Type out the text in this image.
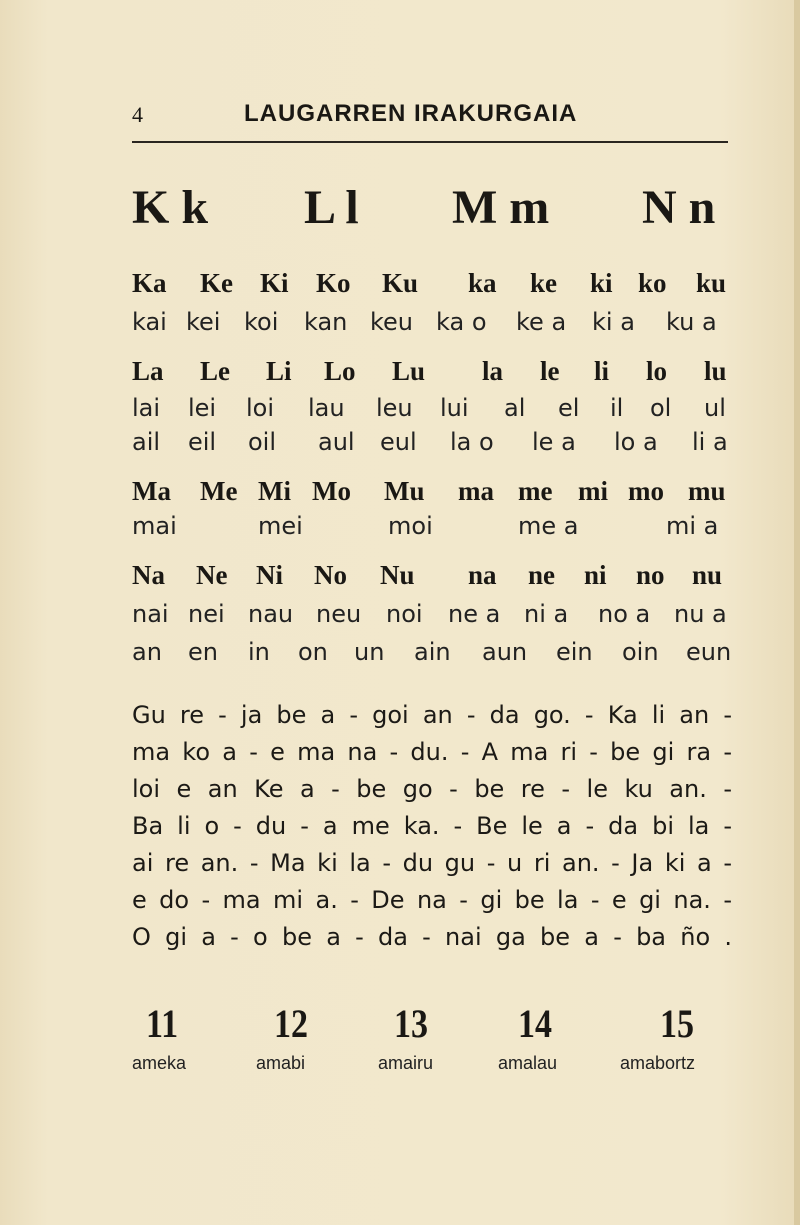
4	LAUGARREN IRAKURGAIA
K k L l M m N n
Ka Ke Ki Ko Ku ka ke ki ko ku
kai kei koi kan keu ka o ke a ki a ku a
La Le Li Lo Lu la le li lo lu
lai lei loi lau leu lui al el il ol ul
ail eil oil aul eul la o le a lo a li a
Ma Me Mi Mo Mu ma me mi mo mu
mai	mei	moi	me a	mi a
Na Ne Ni No Nu na ne ni no nu
nai nei nau neu noi ne a ni a no a nu a
an en in on un ain aun ein oin eun
Gu re - ja be a - goi an - da go. - Ka li an -
ma ko a - e ma na - du. - A ma ri - be gi ra -
loi e an Ke a - be go - be re - le ku an. -
Ba li o - du - a me ka. - Be le a - da bi la -
ai re an. - Ma ki la - du gu - u ri an. - Ja ki a -
e do - ma mi a. - De na - gi be la - e gi na. -
O gi a - o be a - da - nai ga be a - ba ño .
11 12 13 14	15
ameka	amabi	amairu	amalau	amabortz
